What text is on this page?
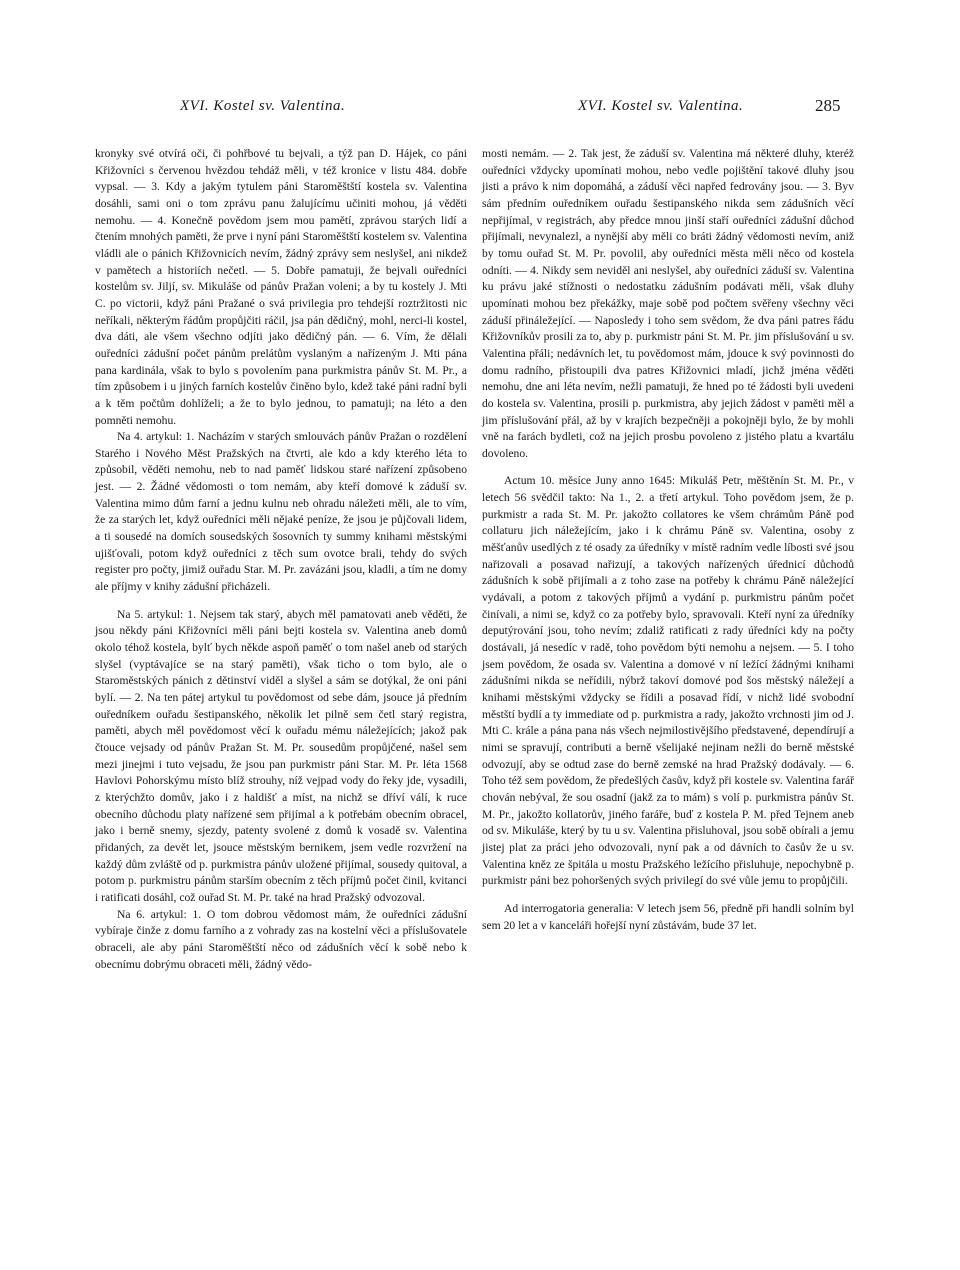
XVI. Kostel sv. Valentina.	XVI. Kostel sv. Valentina.	285

kronyky své otvírá oči, či pohřbové tu bejvali, a týž pan D. Hájek, co páni Křižovníci s červenou hvězdou tehdáž měli, v též kronice v listu 484. dobře vypsal. — 3. Kdy a jakým tytulem páni Staroměštští kostela sv. Valentina dosáhli, sami oni o tom zprávu panu žalujícímu učiniti mohou, já věděti nemohu. — 4. Konečně povědom jsem mou pamětí, zprávou starých lidí a čtením mnohých paměti, že prve i nyní páni Staroměštští kostelem sv. Valentina vládli ale o pánich Křižovnicích nevím, žádný zprávy sem neslyšel, ani nikdež v pamětech a historiích nečetl. — 5. Dobře pamatuji, že bejvali ouředníci kostelům sv. Jiljí, sv. Mikuláše od pánův Pražan voleni; a by tu kostely J. Mti C. po victorii, když páni Pražané o svá privilegia pro tehdejší roztržitosti nic neříkali, některým řádům propůjčiti ráčil, jsa pán dědičný, mohl, nerci-li kostel, dva dáti, ale všem všechno odjíti jako dědičný pán. — 6. Vím, že dělali ouředníci zádušní počet pánům prelátům vyslaným a nařízeným J. Mti pána pana kardinála, však to bylo s povolením pana purkmistra pánův St. M. Pr., a tím způsobem i u jiných farních kostelův činěno bylo, kdež také páni radní byli a k těm počtům dohlíželi; a že to bylo jednou, to pamatuji; na léto a den pomněti nemohu.

Na 4. artykul: 1. Nacházím v starých smlouvách pánův Pražan o rozdělení Starého i Nového Měst Pražských na čtvrti, ale kdo a kdy kterého léta to způsobil, věděti nemohu, neb to nad paměť lidskou staré nařízení způsobeno jest. — 2. Žádné vědomosti o tom nemám, aby kteří domové k záduší sv. Valentina mimo dům farní a jednu kulnu neb ohradu náležeti měli, ale to vím, že za starých let, když ouředníci měli nějaké peníze, že jsou je půjčovali lidem, a ti sousedé na domích sousedských šosovních ty summy knihami městskými ujišťovali, potom když ouředníci z těch sum ovotce brali, tehdy do svých register pro počty, jimiž ouřadu Star. M. Pr. zavázáni jsou, kladli, a tím ne domy ale příjmy v knihy zádušní přicházeli.

Na 5. artykul: 1. Nejsem tak starý, abych měl pamatovati aneb věděti, že jsou někdy páni Křižovníci měli páni bejti kostela sv. Valentina aneb domů okolo téhož kostela, bylť bych někde aspoň paměť o tom našel aneb od starých slyšel (vyptávajíce se na starý paměti), však ticho o tom bylo, ale o Staroměstských pánich z dětinství viděl a slyšel a sám se dotýkal, že oni páni bylí. — 2. Na ten pátej artykul tu povědomost od sebe dám, jsouce já předním ouředníkem ouřadu šestipanského, několik let pilně sem četl starý registra, paměti, abych měl povědomost věcí k ouřadu mému náležejících; jakož pak čtouce vejsady od pánův Pražan St. M. Pr. sousedům propůjčené, našel sem mezi jinejmi i tuto vejsadu, že jsou pan purkmistr páni Star. M. Pr. léta 1568 Havlovi Pohorskýmu místo blíž strouhy, níž vejpad vody do řeky jde, vysadili, z kterýchžto domův, jako i z haldišť a míst, na nichž se dříví válí, k ruce obecního důchodu platy nařízené sem přijímal a k potřebám obecním obracel, jako i berně snemy, sjezdy, patenty svolené z domů k vosadě sv. Valentina přidaných, za devět let, jsouce městským bernikem, jsem vedle rozvržení na každý dům zvláště od p. purkmistra pánův uložené přijímal, sousedy quitoval, a potom p. purkmistru pánům starším obecním z těch příjmů počet činil, kvitanci i ratificati dosáhl, což ouřad St. M. Pr. také na hrad Pražský odvozoval.

Na 6. artykul: 1. O tom dobrou vědomost mám, že ouředníci zádušní vybíraje činže z domu farního a z vohrady zas na kostelní věci a příslušovatele obraceli, ale aby páni Staroměštští něco od zádušních věcí k sobě nebo k obecnímu dobrýmu obraceti měli, žádný vědo-

mosti nemám. — 2. Tak jest, že záduší sv. Valentina má některé dluhy, kteréž ouředníci vždycky upomínati mohou, nebo vedle pojištění takové dluhy jsou jisti a právo k nim dopomáhá, a záduší věci napřed fedrovány jsou. — 3. Byv sám předním ouředníkem ouřadu šestipanského nikda sem zádušních věcí nepřijímal, v registrách, aby předce mnou jinší staří ouředníci zádušní důchod přijímali, nevynalezl, a nynější aby měli co bráti žádný vědomosti nevím, aniž by tomu ouřad St. M. Pr. povolil, aby ouředníci města měli něco od kostela odníti. — 4. Nikdy sem neviděl ani neslyšel, aby ouředníci záduší sv. Valentina ku právu jaké stížnosti o nedostatku zádušním podávati měli, však dluhy upomínati mohou bez překážky, maje sobě pod počtem svěřeny všechny věci záduší přináležející. — Naposledy i toho sem svědom, že dva páni patres řádu Křižovníkův prosili za to, aby p. purkmistr páni St. M. Pr. jim příslušování u sv. Valentina přáli; nedávních let, tu povědomost mám, jdouce k svý povinnosti do domu radního, přistoupili dva patres Křižovnici mladí, jichž jména věděti nemohu, dne ani léta nevím, nežli pamatuji, že hned po té žádosti byli uvedeni do kostela sv. Valentina, prosili p. purkmistra, aby jejich žádost v paměti měl a jim příslušování přál, až by v krajích bezpečněji a pokojněji bylo, že by mohli vně na farách bydleti, což na jejich prosbu povoleno z jistého platu a kvartálu dovoleno.

Actum 10. měsíce Juny anno 1645: Mikuláš Petr, měštěnín St. M. Pr., v letech 56 svědčil takto: Na 1., 2. a třetí artykul. Toho povědom jsem, že p. purkmistr a rada St. M. Pr. jakožto collatores ke všem chrámům Páně pod collaturu jich náležejícím, jako i k chrámu Páně sv. Valentina, osoby z měšťanův usedlých z té osady za úředníky v místě radním vedle líbosti své jsou nařizovali a posavad nařizují, a takových nařízených úřednicí důchodů zádušních k sobě přijímali a z toho zase na potřeby k chrámu Páně náležející vydávali, a potom z takových příjmů a vydání p. purkmistru pánům počet činívali, a nimi se, když co za potřeby bylo, spravovali. Kteří nyní za úředníky deputýrování jsou, toho nevím; zdaliž ratificati z rady úředníci kdy na počty dostávali, já nesedíc v radě, toho povědom býti nemohu a nejsem. — 5. I toho jsem povědom, že osada sv. Valentina a domové v ní ležící žádnými knihami zádušními nikda se neřídili, nýbrž takoví domové pod šos městský náležejí a knihami městskými vždycky se řídili a posavad řídí, v nichž lidé svobodní městští bydlí a ty immediate od p. purkmistra a rady, jakožto vrchnosti jim od J. Mti C. krále a pána pana nás všech nejmilostivějšího představené, dependírují a nimi se spravují, contributi a berně všelijaké nejinam nežli do berně městské odvozují, aby se odtud zase do berně zemské na hrad Pražský dodávaly. — 6. Toho též sem povědom, že předešlých časův, když při kostele sv. Valentina farář chován nebýval, že sou osadní (jakž za to mám) s volí p. purkmistra pánův St. M. Pr., jakožto kollatorův, jiného faráře, buď z kostela P. M. před Tejnem aneb od sv. Mikuláše, který by tu u sv. Valentina přisluhoval, jsou sobě obírali a jemu jistej plat za práci jeho odvozovali, nyní pak a od dávních to časův že u sv. Valentina kněz ze špitála u mostu Pražského ležícího přisluhuje, nepochybně p. purkmistr páni bez pohoršených svých privilegí do své vůle jemu to propůjčili.

Ad interrogatoria generalia: V letech jsem 56, předně při handli solním byl sem 20 let a v kanceláři hořejší nyní zůstávám, bude 37 let.
